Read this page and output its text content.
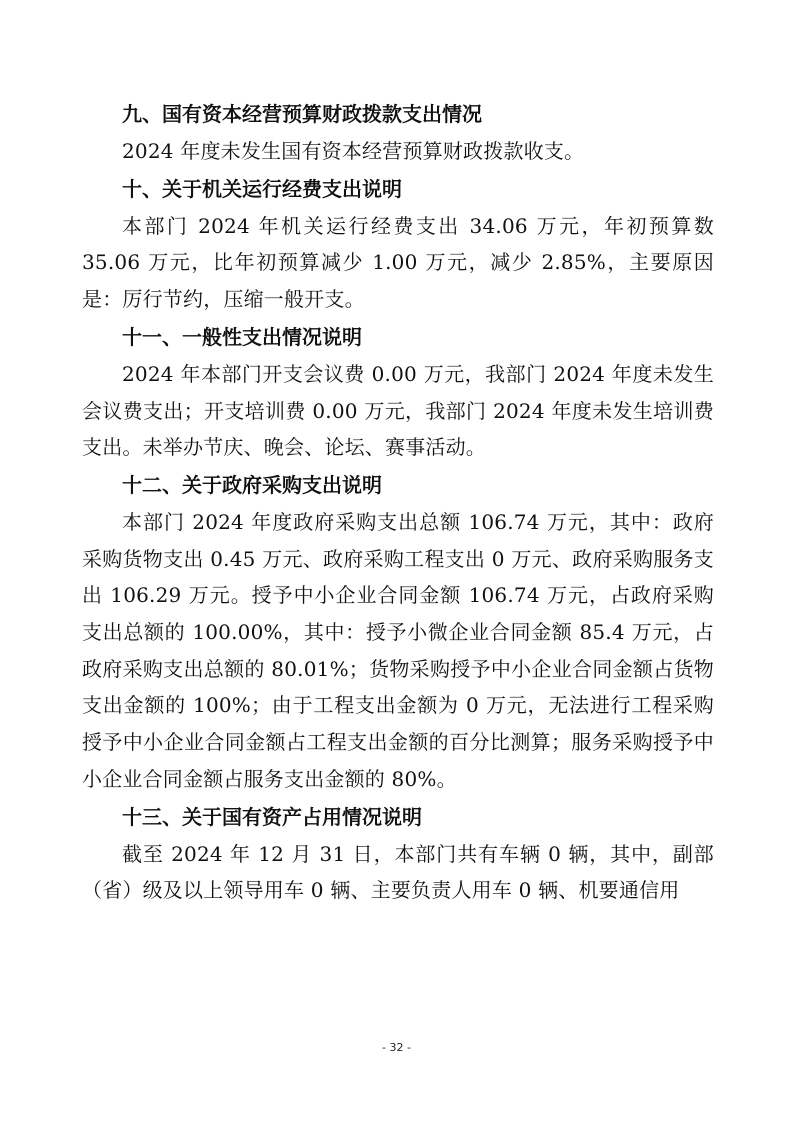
九、国有资本经营预算财政拨款支出情况
2024 年度未发生国有资本经营预算财政拨款收支。
十、关于机关运行经费支出说明
本部门 2024 年机关运行经费支出 34.06 万元，年初预算数 35.06 万元，比年初预算减少 1.00 万元，减少 2.85%，主要原因是：厉行节约，压缩一般开支。
十一、一般性支出情况说明
2024 年本部门开支会议费 0.00 万元，我部门 2024 年度未发生会议费支出；开支培训费 0.00 万元，我部门 2024 年度未发生培训费支出。未举办节庆、晚会、论坛、赛事活动。
十二、关于政府采购支出说明
本部门 2024 年度政府采购支出总额 106.74 万元，其中：政府采购货物支出 0.45 万元、政府采购工程支出 0 万元、政府采购服务支出 106.29 万元。授予中小企业合同金额 106.74 万元，占政府采购支出总额的 100.00%，其中：授予小微企业合同金额 85.4 万元，占政府采购支出总额的 80.01%；货物采购授予中小企业合同金额占货物支出金额的 100%；由于工程支出金额为 0 万元，无法进行工程采购授予中小企业合同金额占工程支出金额的百分比测算；服务采购授予中小企业合同金额占服务支出金额的 80%。
十三、关于国有资产占用情况说明
截至 2024 年 12 月 31 日，本部门共有车辆 0 辆，其中，副部（省）级及以上领导用车 0 辆、主要负责人用车 0 辆、机要通信用
- 32 -
